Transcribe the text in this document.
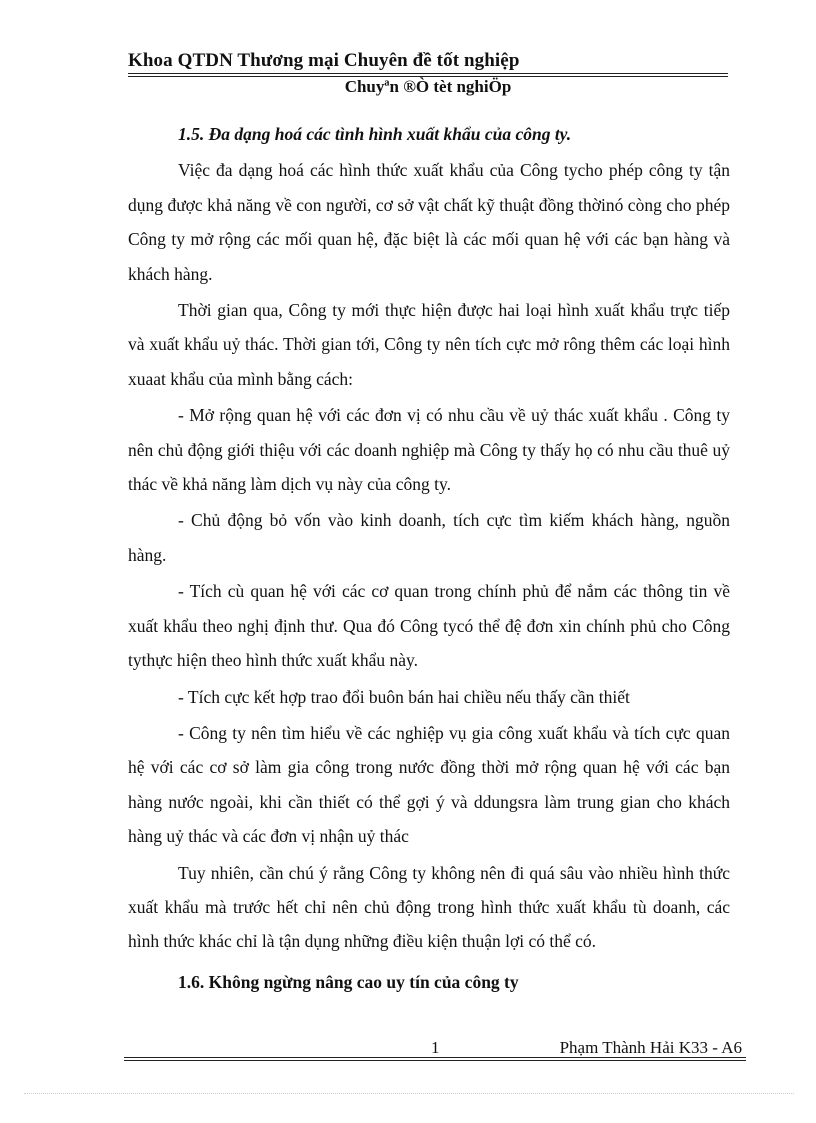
Khoa QTDN Thương mại Chuyên đề tốt nghiệp
Chuyªn ®Ò tèt nghiÖp

1.5. Đa dạng hoá các tình hình xuất khẩu của công ty.

Việc đa dạng hoá các hình thức xuất khẩu của Công tycho phép công ty tận dụng được khả năng về con người, cơ sở vật chất kỹ thuật đồng thờinó còng cho phép Công ty mở rộng các mối quan hệ, đặc biệt là các mối quan hệ với các bạn hàng và khách hàng.

Thời gian qua, Công ty mới thực hiện được hai loại hình xuất khẩu trực tiếp và xuất khẩu uỷ thác. Thời gian tới, Công ty nên tích cực mở rông thêm các loại hình xuaat khẩu của mình bằng cách:

- Mở rộng quan hệ với các đơn vị có nhu cầu về uỷ thác xuất khẩu . Công ty nên chủ động giới thiệu với các doanh nghiệp mà Công ty thấy họ có nhu cầu thuê uỷ thác về khả năng làm dịch vụ này của công ty.

- Chủ động bỏ vốn vào kinh doanh, tích cực tìm kiếm khách hàng, nguồn hàng.

- Tích cù quan hệ với các cơ quan trong chính phủ để nắm các thông tin về xuất khẩu theo nghị định thư. Qua đó Công tycó thể đệ đơn xin chính phủ cho Công tythực hiện theo hình thức xuất khẩu này.

- Tích cực kết hợp trao đổi buôn bán hai chiều nếu thấy cần thiết

- Công ty nên tìm hiểu về các nghiệp vụ gia công xuất khẩu và tích cực quan hệ với các cơ sở làm gia công trong nước đồng thời mở rộng quan hệ với các bạn hàng nước ngoài, khi cần thiết có thể gợi ý và ddungsra làm trung gian cho khách hàng uỷ thác và các đơn vị nhận uỷ thác

Tuy nhiên, cần chú ý rằng Công ty không nên đi quá sâu vào nhiều hình thức xuất khẩu mà trước hết chỉ nên chủ động trong hình thức xuất khẩu tù doanh, các hình thức khác chỉ là tận dụng những điều kiện thuận lợi có thể có.

1.6. Không ngừng nâng cao uy tín của công ty

1	Phạm Thành Hải K33 - A6
